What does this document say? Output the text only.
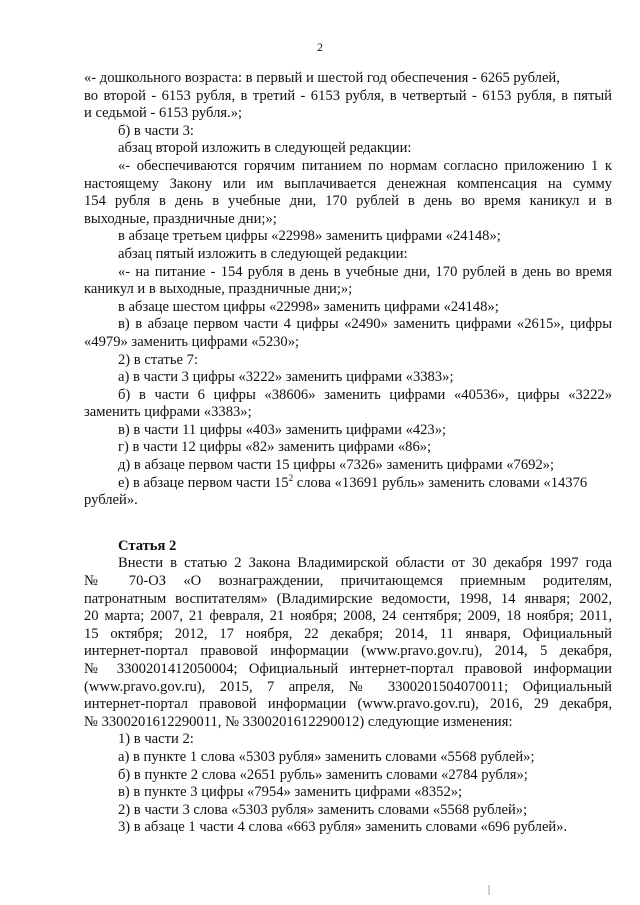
2
«- дошкольного возраста: в первый и шестой год обеспечения - 6265 рублей,
во второй - 6153 рубля, в третий - 6153 рубля, в четвертый - 6153 рубля, в пятый
и седьмой - 6153 рубля.»;
б) в части 3:
абзац второй изложить в следующей редакции:
«- обеспечиваются горячим питанием по нормам согласно приложению 1 к
настоящему Закону или им выплачивается денежная компенсация на сумму
154 рубля в день в учебные дни, 170 рублей в день во время каникул и в
выходные, праздничные дни;»;
в абзаце третьем цифры «22998» заменить цифрами «24148»;
абзац пятый изложить в следующей редакции:
«- на питание - 154 рубля в день в учебные дни, 170 рублей в день во время
каникул и в выходные, праздничные дни;»;
в абзаце шестом цифры «22998» заменить цифрами «24148»;
в) в абзаце первом части 4 цифры «2490» заменить цифрами «2615», цифры
«4979» заменить цифрами «5230»;
2) в статье 7:
а) в части 3 цифры «3222» заменить цифрами «3383»;
б) в части 6 цифры «38606» заменить цифрами «40536», цифры «3222»
заменить цифрами «3383»;
в) в части 11 цифры «403» заменить цифрами «423»;
г) в части 12 цифры «82» заменить цифрами «86»;
д) в абзаце первом части 15 цифры «7326» заменить цифрами «7692»;
е) в абзаце первом части $15^2$ слова «13691 рубль» заменить словами «14376
рублей».
Статья 2
Внести в статью 2 Закона Владимирской области от 30 декабря 1997 года
№ 70-ОЗ «О вознаграждении, причитающемся приемным родителям,
патронатным воспитателям» (Владимирские ведомости, 1998, 14 января; 2002,
20 марта; 2007, 21 февраля, 21 ноября; 2008, 24 сентября; 2009, 18 ноября; 2011,
15 октября; 2012, 17 ноября, 22 декабря; 2014, 11 января, Официальный
интернет-портал правовой информации (www.pravo.gov.ru), 2014, 5 декабря,
№ 3300201412050004; Официальный интернет-портал правовой информации
(www.pravo.gov.ru), 2015, 7 апреля, № 3300201504070011; Официальный
интернет-портал правовой информации (www.pravo.gov.ru), 2016, 29 декабря,
№ 3300201612290011, № 3300201612290012) следующие изменения:
1) в части 2:
а) в пункте 1 слова «5303 рубля» заменить словами «5568 рублей»;
б) в пункте 2 слова «2651 рубль» заменить словами «2784 рубля»;
в) в пункте 3 цифры «7954» заменить цифрами «8352»;
2) в части 3 слова «5303 рубля» заменить словами «5568 рублей»;
3) в абзаце 1 части 4 слова «663 рубля» заменить словами «696 рублей».
